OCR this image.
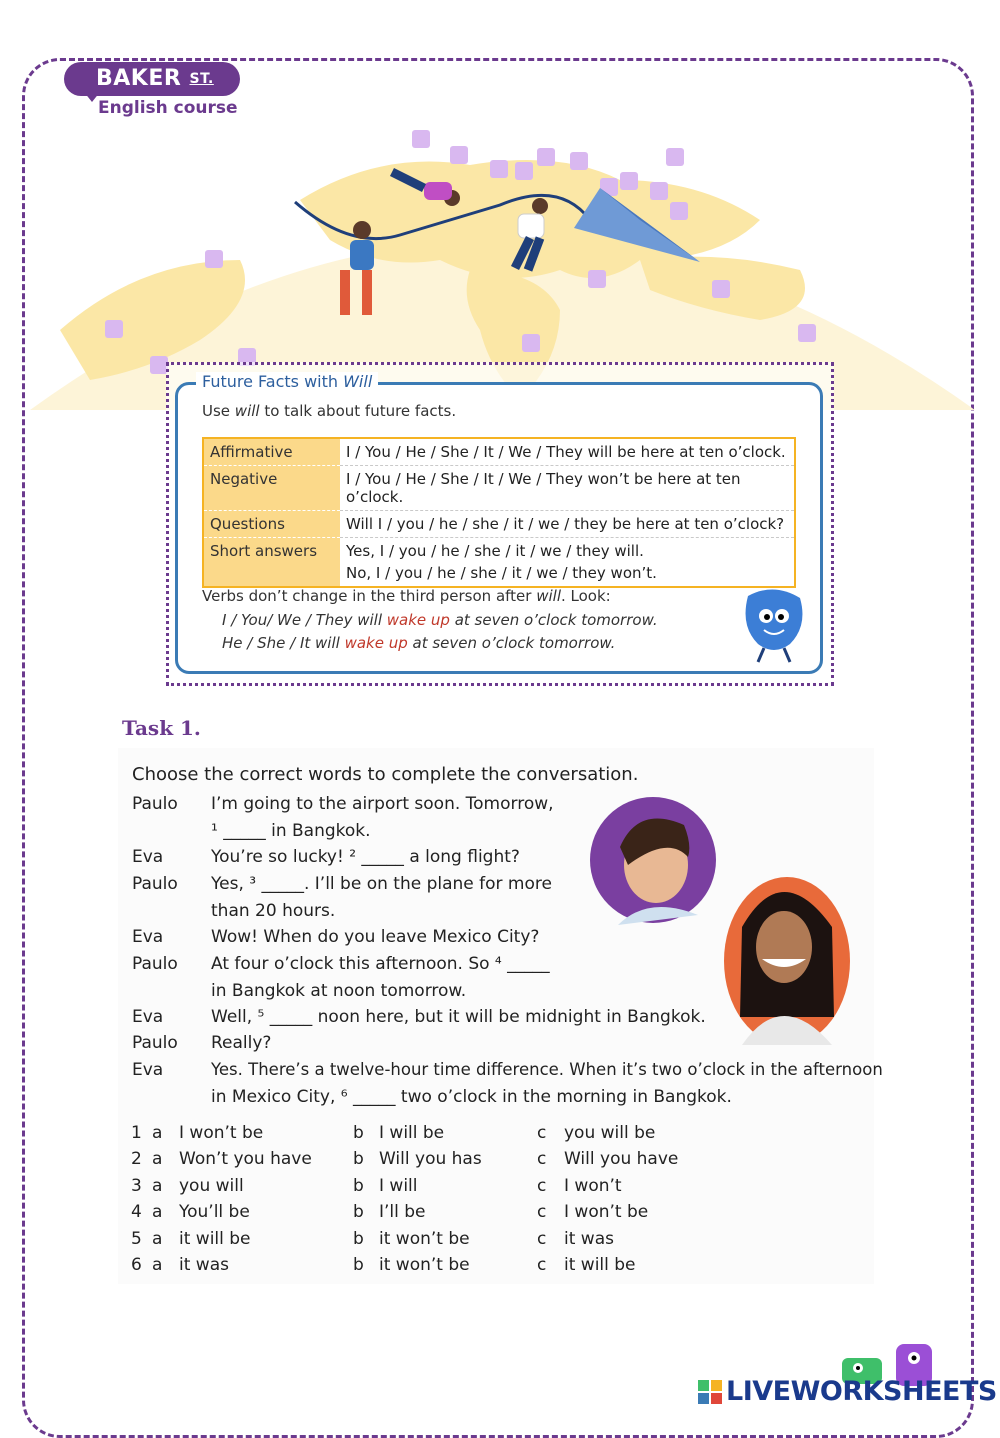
BAKER $^{ST.}$
English course
Future Facts with Will
Use will to talk about future facts.
Affirmative	I / You / He / She / It / We / They will be here at ten o’clock.
Negative	I / You / He / She / It / We / They won’t be here at ten o’clock.
Questions	Will I / you / he / she / it / we / they be here at ten o’clock?
Short answers	Yes, I / you / he / she / it / we / they will.
No, I / you / he / she / it / we / they won’t.
Verbs don’t change in the third person after will. Look:
I / You/ We / They will wake up at seven o’clock tomorrow.
He / She / It will wake up at seven o’clock tomorrow.
Task 1.
Choose the correct words to complete the conversation.
Paulo I’m going to the airport soon. Tomorrow,
¹ _____ in Bangkok.
Eva	You’re so lucky! ² _____ a long flight?
Paulo Yes, ³ _____. I’ll be on the plane for more
than 20 hours.
Eva	Wow! When do you leave Mexico City?
Paulo At four o’clock this afternoon. So ⁴ _____
in Bangkok at noon tomorrow.
Eva	Well, ⁵ _____ noon here, but it will be midnight in Bangkok.
Paulo Really?
Eva	Yes. There’s a twelve-hour time difference. When it’s two o’clock in the afternoon
in Mexico City, ⁶ _____ two o’clock in the morning in Bangkok.
1 a I won’t be	b I will be	c you will be
2 a Won’t you have b Will you has	c Will you have
3 a you will	b I will	c I won’t
4 a You’ll be	b I’ll be	c I won’t be
5 a it will be	b it won’t be	c it was
6 a it was	b it won’t be	c it will be
LIVEWORKSHEETS
